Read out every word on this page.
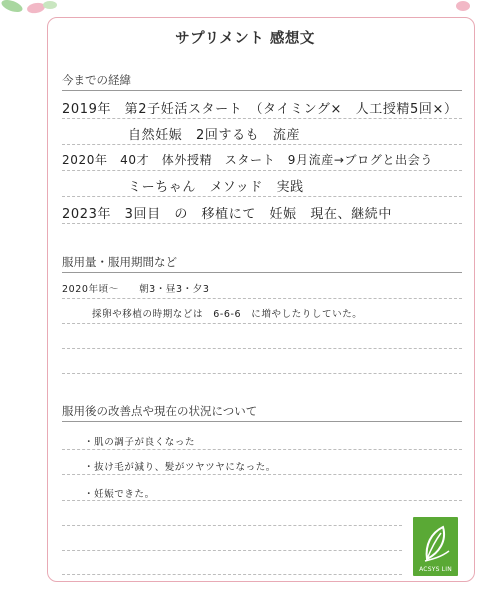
サプリメント 感想文
今までの経緯
2019年　第2子妊活スタート　（タイミング×　人工授精5回×）
自然妊娠　2回するも　流産
2020年　40才　体外授精　スタート　9月流産→ブログと出会う
ミーちゃん　メソッド　実践
2023年　3回目　の　移植にて　妊娠　現在、継続中
服用量・服用期間など
2020年頃〜　　朝3・昼3・夕3
採卵や移植の時期などは　6-6-6　に増やしたりしていた。
服用後の改善点や現在の状況について
・肌の調子が良くなった
・抜け毛が減り、髪がツヤツヤになった。
・妊娠できた。
ACSYS LIN
